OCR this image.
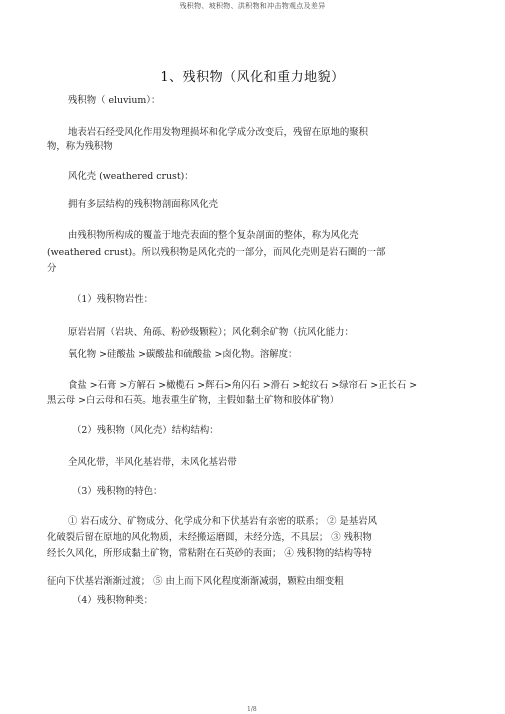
残积物、坡积物、洪积物和冲击物观点及差异
1、残积物（风化和重力地貌）
残积物（ eluvium）：
地表岩石经受风化作用发物理损坏和化学成分改变后，残留在原地的聚积
物，称为残积物
风化壳 (weathered crust)：
拥有多层结构的残积物剖面称风化壳
由残积物所构成的覆盖于地壳表面的整个复杂剖面的整体，称为风化壳
(weathered crust)。所以残积物是风化壳的一部分，而风化壳则是岩石圈的一部
分
（1）残积物岩性：
原岩岩屑（岩块、角砾、粉砂级颗粒）；风化剩余矿物（抗风化能力：
氧化物 >硅酸盐 >碳酸盐和硫酸盐 >卤化物。溶解度：
食盐 >石膏 >方解石 >橄榄石 >辉石>角闪石 >滑石 >蛇纹石 >绿帘石 >正长石 >
黑云母 >白云母和石英。地表重生矿物，主假如黏土矿物和胶体矿物）
（2）残积物（风化壳）结构结构：
全风化带，半风化基岩带，未风化基岩带
（3）残积物的特色：
① 岩石成分、矿物成分、化学成分和下伏基岩有亲密的联系； ② 是基岩风
化破裂后留在原地的风化物质，未经搬运磨圆，未经分选，不具层； ③ 残积物
经长久风化，所形成黏土矿物，常粘附在石英砂的表面； ④ 残积物的结构等特
征向下伏基岩渐渐过渡； ⑤ 由上而下风化程度渐渐减弱，颗粒由细变粗
（4）残积物种类：
1/8
